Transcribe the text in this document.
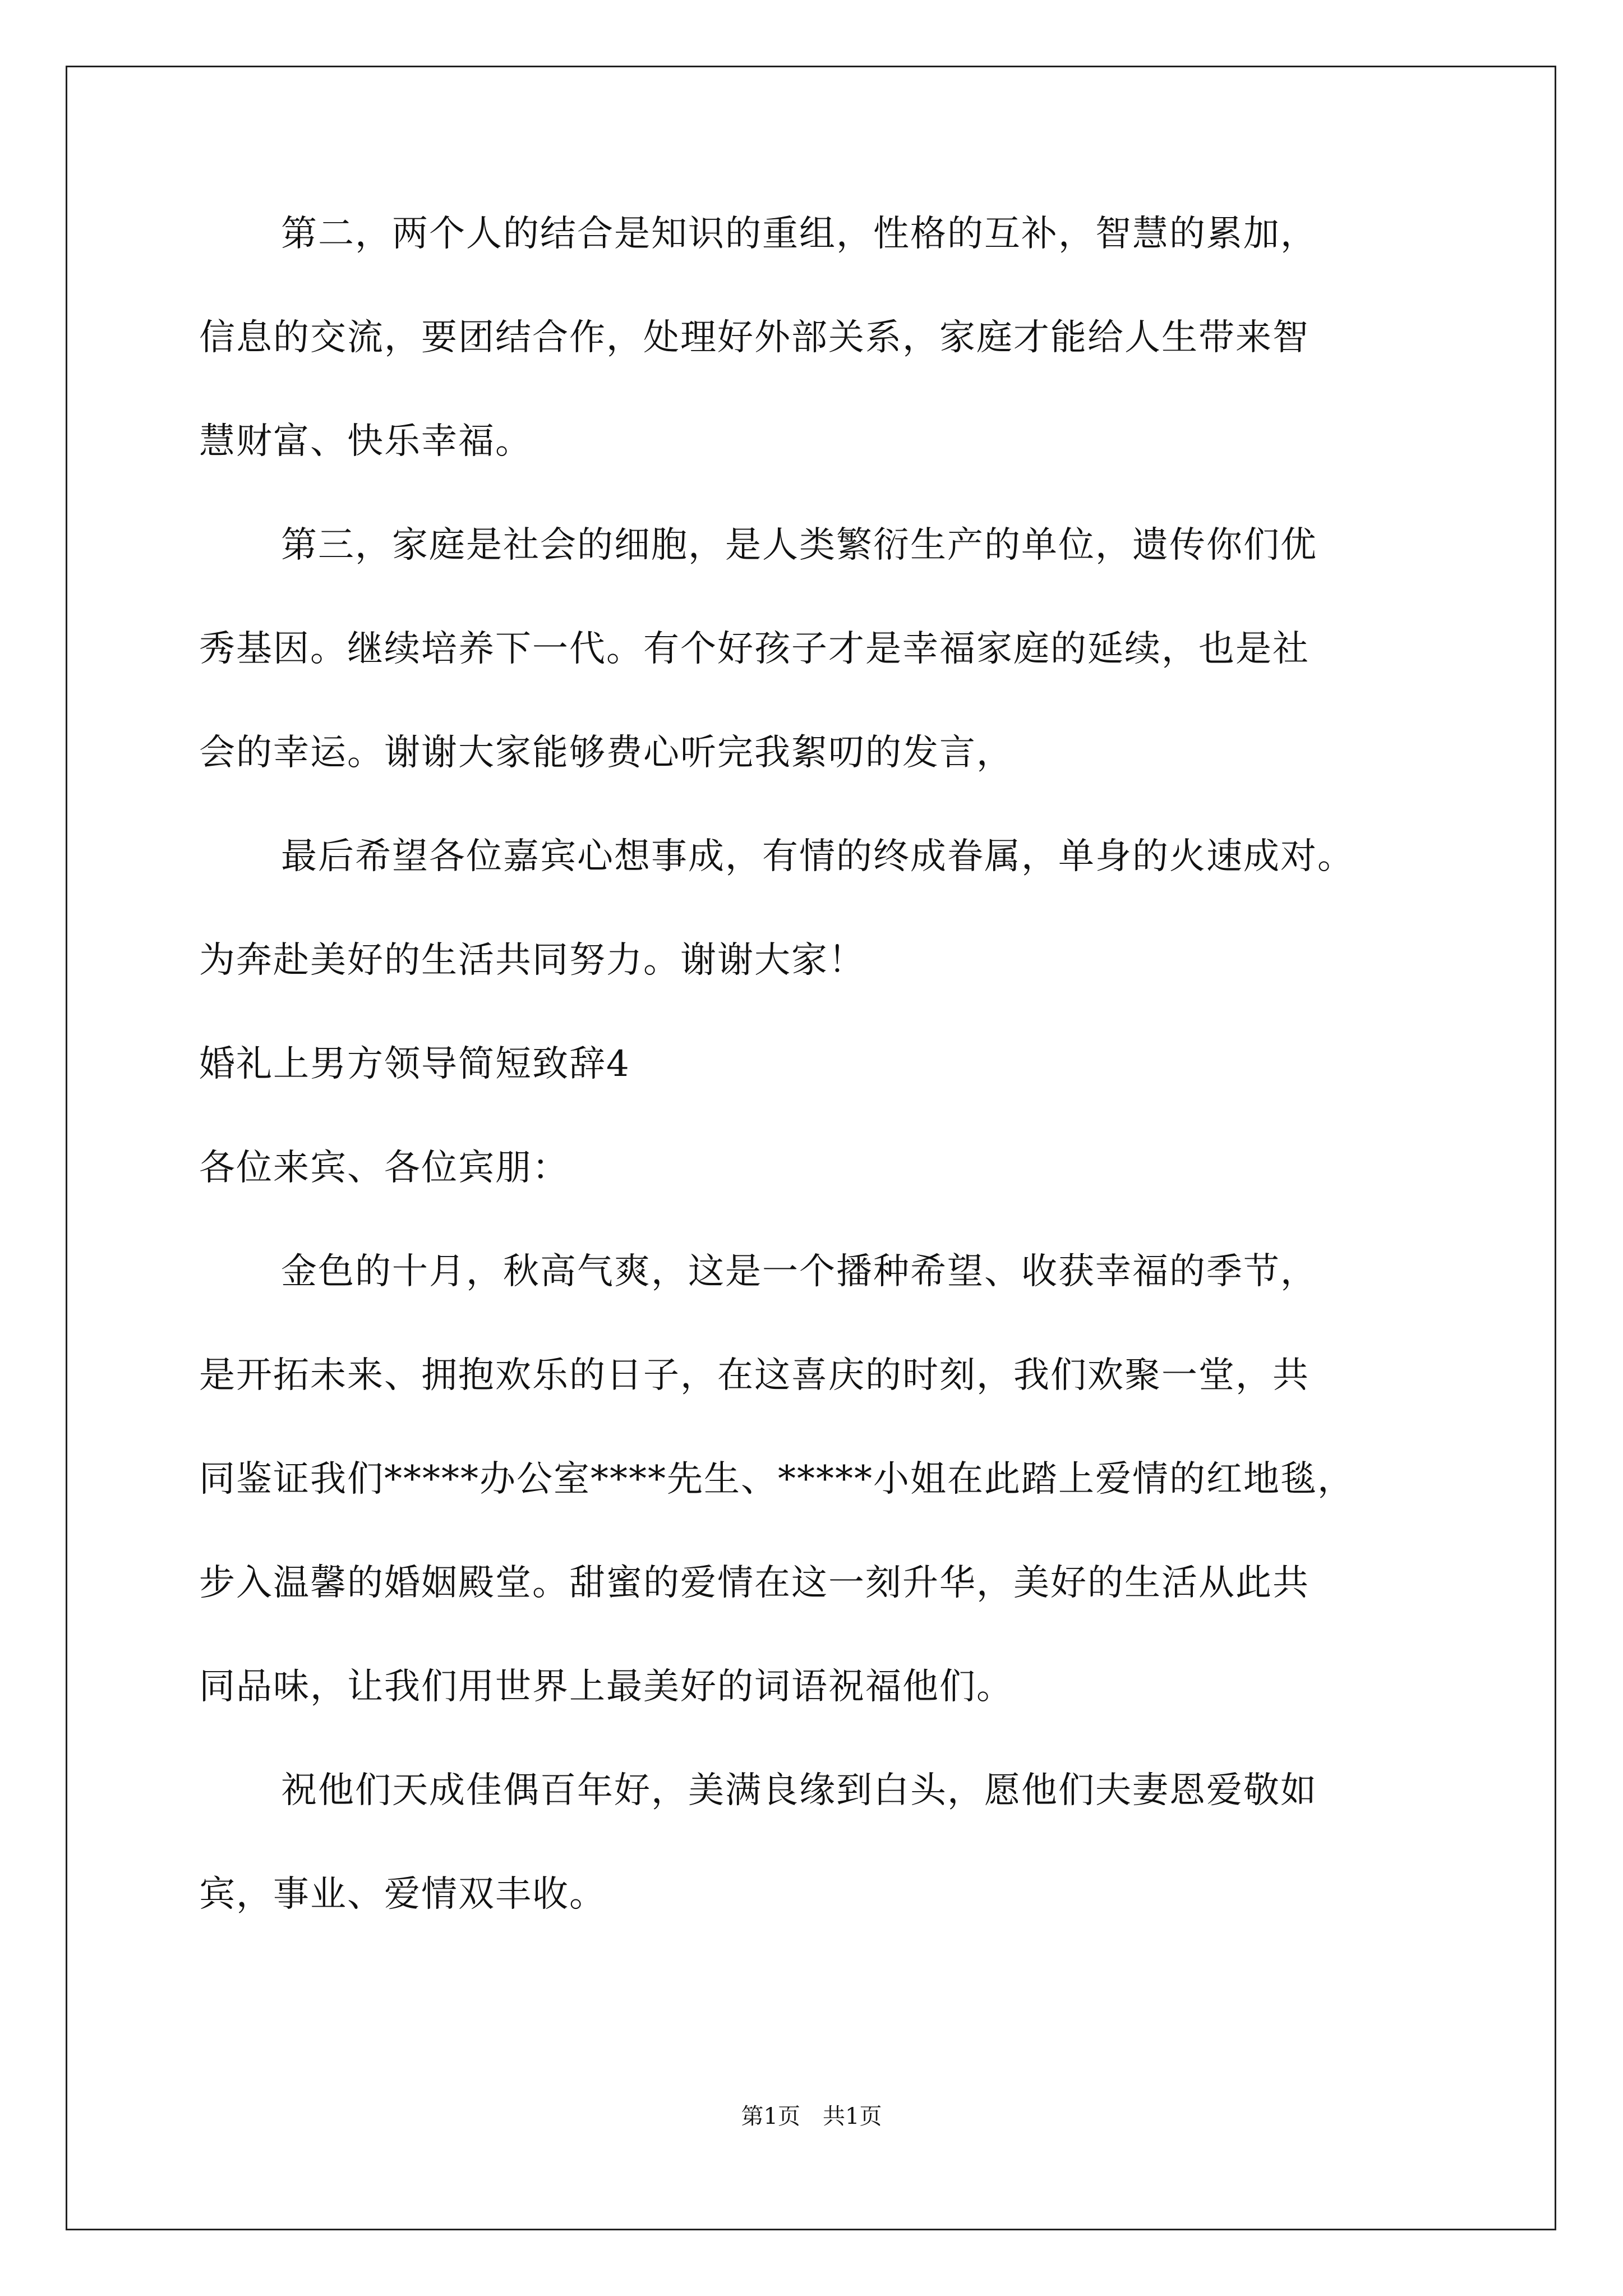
第二，两个人的结合是知识的重组，性格的互补，智慧的累加，
信息的交流，要团结合作，处理好外部关系，家庭才能给人生带来智
慧财富、快乐幸福。
第三，家庭是社会的细胞，是人类繁衍生产的单位，遗传你们优
秀基因。继续培养下一代。有个好孩子才是幸福家庭的延续，也是社
会的幸运。谢谢大家能够费心听完我絮叨的发言，
最后希望各位嘉宾心想事成，有情的终成眷属，单身的火速成对。
为奔赴美好的生活共同努力。谢谢大家！
婚礼上男方领导简短致辞4
各位来宾、各位宾朋：
金色的十月，秋高气爽，这是一个播种希望、收获幸福的季节，
是开拓未来、拥抱欢乐的日子，在这喜庆的时刻，我们欢聚一堂，共
同鉴证我们*****办公室****先生、*****小姐在此踏上爱情的红地毯，
步入温馨的婚姻殿堂。甜蜜的爱情在这一刻升华，美好的生活从此共
同品味，让我们用世界上最美好的词语祝福他们。
祝他们天成佳偶百年好，美满良缘到白头，愿他们夫妻恩爱敬如
宾，事业、爱情双丰收。
第1页　共1页
